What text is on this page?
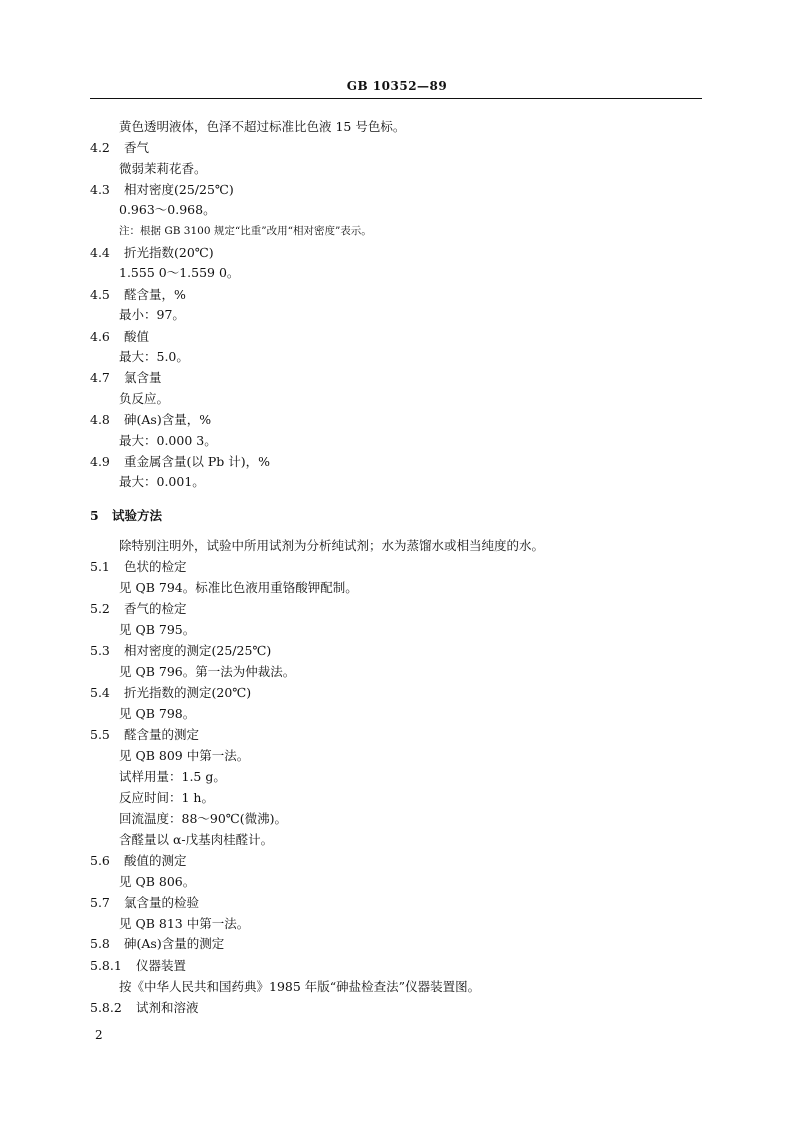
GB 10352—89
黄色透明液体，色泽不超过标准比色液 15 号色标。
4.2 香气
微弱茉莉花香。
4.3 相对密度(25/25℃)
0.963～0.968。
注：根据 GB 3100 规定“比重”改用“相对密度”表示。
4.4 折光指数(20℃)
1.555 0～1.559 0。
4.5 醛含量，%
最小：97。
4.6 酸值
最大：5.0。
4.7 氯含量
负反应。
4.8 砷(As)含量，%
最大：0.000 3。
4.9 重金属含量(以 Pb 计)，%
最大：0.001。
5 试验方法
除特别注明外，试验中所用试剂为分析纯试剂；水为蒸馏水或相当纯度的水。
5.1 色状的检定
见 QB 794。标准比色液用重铬酸钾配制。
5.2 香气的检定
见 QB 795。
5.3 相对密度的测定(25/25℃)
见 QB 796。第一法为仲裁法。
5.4 折光指数的测定(20℃)
见 QB 798。
5.5 醛含量的测定
见 QB 809 中第一法。
试样用量：1.5 g。
反应时间：1 h。
回流温度：88～90℃(微沸)。
含醛量以 α-戊基肉桂醛计。
5.6 酸值的测定
见 QB 806。
5.7 氯含量的检验
见 QB 813 中第一法。
5.8 砷(As)含量的测定
5.8.1 仪器装置
按《中华人民共和国药典》1985 年版“砷盐检查法”仪器装置图。
5.8.2 试剂和溶液
2
